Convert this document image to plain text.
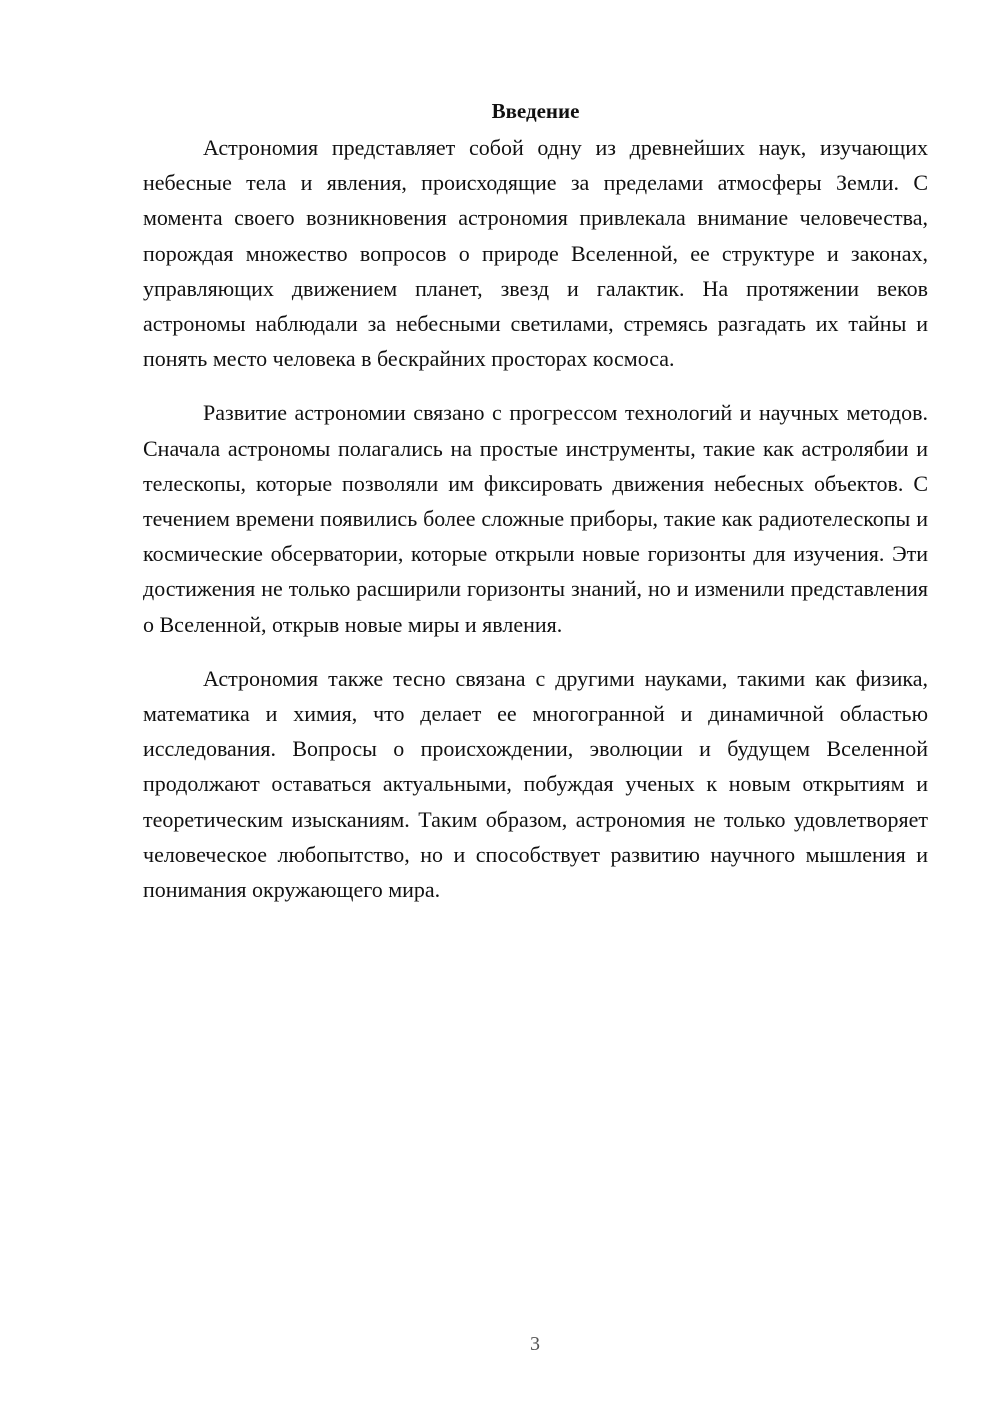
Введение

Астрономия представляет собой одну из древнейших наук, изучающих небесные тела и явления, происходящие за пределами атмосферы Земли. С момента своего возникновения астрономия привлекала внимание человечества, порождая множество вопросов о природе Вселенной, ее структуре и законах, управляющих движением планет, звезд и галактик. На протяжении веков астрономы наблюдали за небесными светилами, стремясь разгадать их тайны и понять место человека в бескрайних просторах космоса.

Развитие астрономии связано с прогрессом технологий и научных методов. Сначала астрономы полагались на простые инструменты, такие как астролябии и телескопы, которые позволяли им фиксировать движения небесных объектов. С течением времени появились более сложные приборы, такие как радиотелескопы и космические обсерватории, которые открыли новые горизонты для изучения. Эти достижения не только расширили горизонты знаний, но и изменили представления о Вселенной, открыв новые миры и явления.

Астрономия также тесно связана с другими науками, такими как физика, математика и химия, что делает ее многогранной и динамичной областью исследования. Вопросы о происхождении, эволюции и будущем Вселенной продолжают оставаться актуальными, побуждая ученых к новым открытиям и теоретическим изысканиям. Таким образом, астрономия не только удовлетворяет человеческое любопытство, но и способствует развитию научного мышления и понимания окружающего мира.

3
